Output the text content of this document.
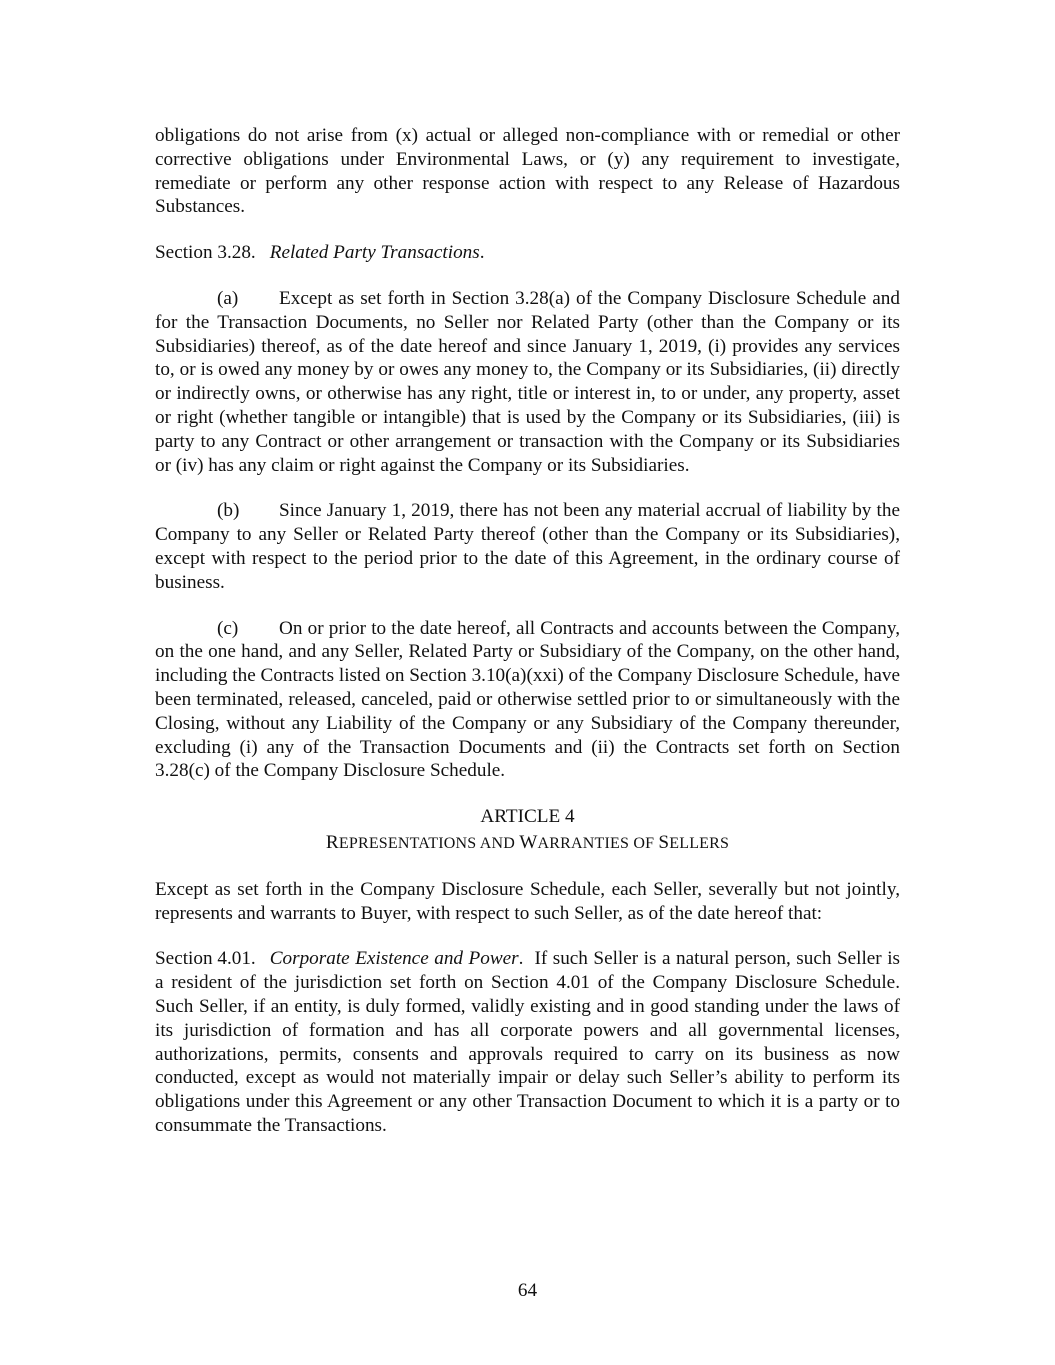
obligations do not arise from (x) actual or alleged non-compliance with or remedial or other corrective obligations under Environmental Laws, or (y) any requirement to investigate, remediate or perform any other response action with respect to any Release of Hazardous Substances.

Section 3.28. Related Party Transactions.

(a) Except as set forth in Section 3.28(a) of the Company Disclosure Schedule and for the Transaction Documents, no Seller nor Related Party (other than the Company or its Subsidiaries) thereof, as of the date hereof and since January 1, 2019, (i) provides any services to, or is owed any money by or owes any money to, the Company or its Subsidiaries, (ii) directly or indirectly owns, or otherwise has any right, title or interest in, to or under, any property, asset or right (whether tangible or intangible) that is used by the Company or its Subsidiaries, (iii) is party to any Contract or other arrangement or transaction with the Company or its Subsidiaries or (iv) has any claim or right against the Company or its Subsidiaries.

(b) Since January 1, 2019, there has not been any material accrual of liability by the Company to any Seller or Related Party thereof (other than the Company or its Subsidiaries), except with respect to the period prior to the date of this Agreement, in the ordinary course of business.

(c) On or prior to the date hereof, all Contracts and accounts between the Company, on the one hand, and any Seller, Related Party or Subsidiary of the Company, on the other hand, including the Contracts listed on Section 3.10(a)(xxi) of the Company Disclosure Schedule, have been terminated, released, canceled, paid or otherwise settled prior to or simultaneously with the Closing, without any Liability of the Company or any Subsidiary of the Company thereunder, excluding (i) any of the Transaction Documents and (ii) the Contracts set forth on Section 3.28(c) of the Company Disclosure Schedule.

ARTICLE 4
REPRESENTATIONS AND WARRANTIES OF SELLERS

Except as set forth in the Company Disclosure Schedule, each Seller, severally but not jointly, represents and warrants to Buyer, with respect to such Seller, as of the date hereof that:

Section 4.01. Corporate Existence and Power. If such Seller is a natural person, such Seller is a resident of the jurisdiction set forth on Section 4.01 of the Company Disclosure Schedule. Such Seller, if an entity, is duly formed, validly existing and in good standing under the laws of its jurisdiction of formation and has all corporate powers and all governmental licenses, authorizations, permits, consents and approvals required to carry on its business as now conducted, except as would not materially impair or delay such Seller’s ability to perform its obligations under this Agreement or any other Transaction Document to which it is a party or to consummate the Transactions.

64
